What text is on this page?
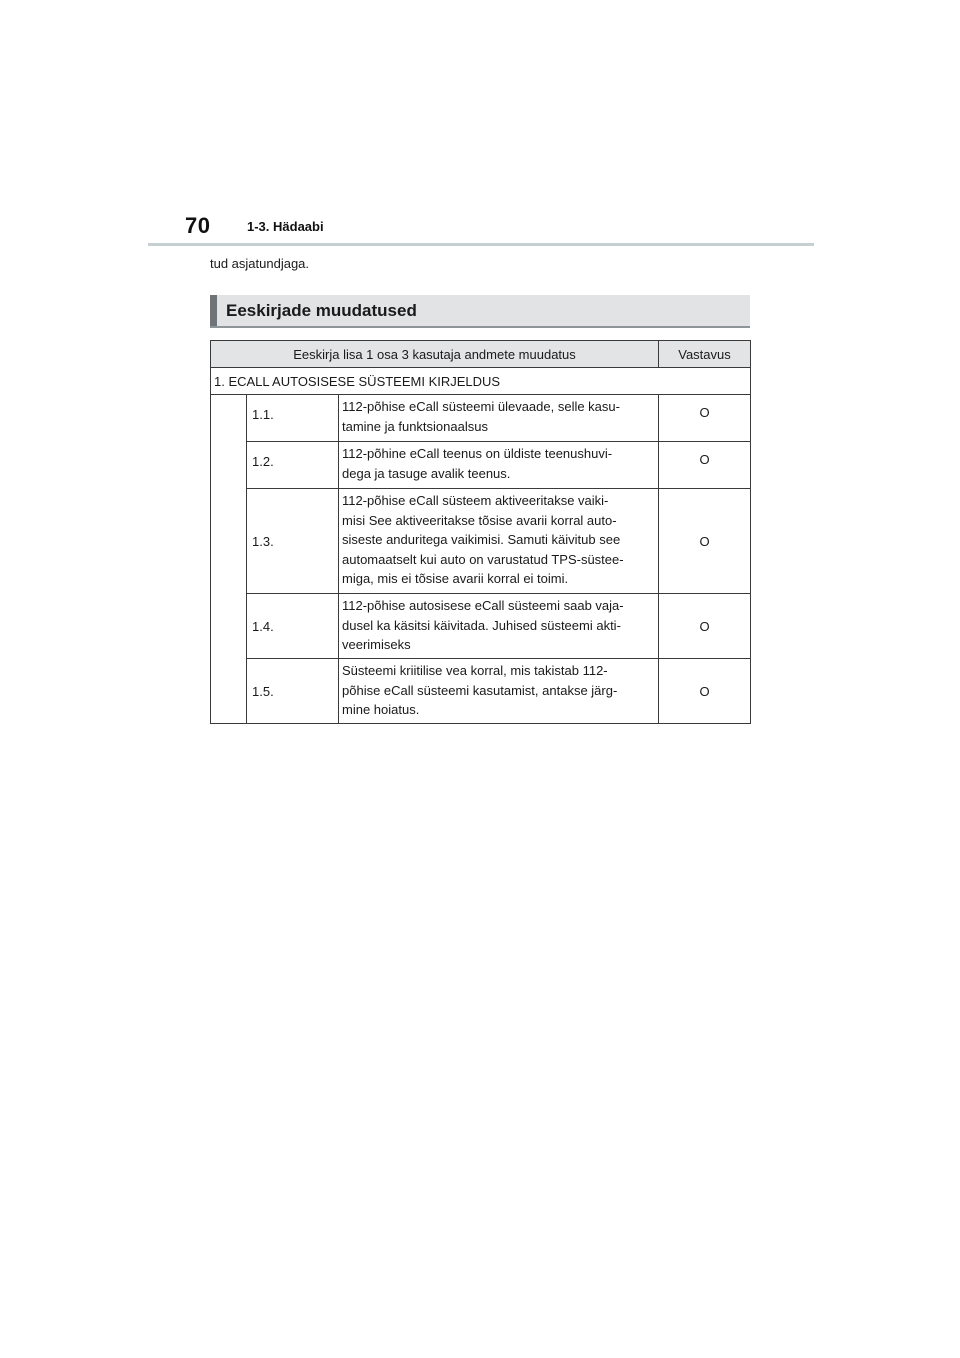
70	1-3. Hädaabi
tud asjatundjaga.
Eeskirjade muudatused
Eeskirja lisa 1 osa 3 kasutaja andmete muudatus			Vastavus
1. ECALL AUTOSISESE SÜSTEEMI KIRJELDUS			
	1.1.	112-põhise eCall süsteemi ülevaade, selle kasu-
tamine ja funktsionaalsus	O
	1.2.	112-põhine eCall teenus on üldiste teenushuvi-
dega ja tasuge avalik teenus.	O
	1.3.	112-põhise eCall süsteem aktiveeritakse vaiki-
misi See aktiveeritakse tõsise avarii korral auto-
siseste anduritega vaikimisi. Samuti käivitub see
automaatselt kui auto on varustatud TPS-süstee-
miga, mis ei tõsise avarii korral ei toimi.	O
	1.4.	112-põhise autosisese eCall süsteemi saab vaja-
dusel ka käsitsi käivitada. Juhised süsteemi akti-
veerimiseks	O
	1.5.	Süsteemi kriitilise vea korral, mis takistab 112-
põhise eCall süsteemi kasutamist, antakse järg-
mine hoiatus.	O
